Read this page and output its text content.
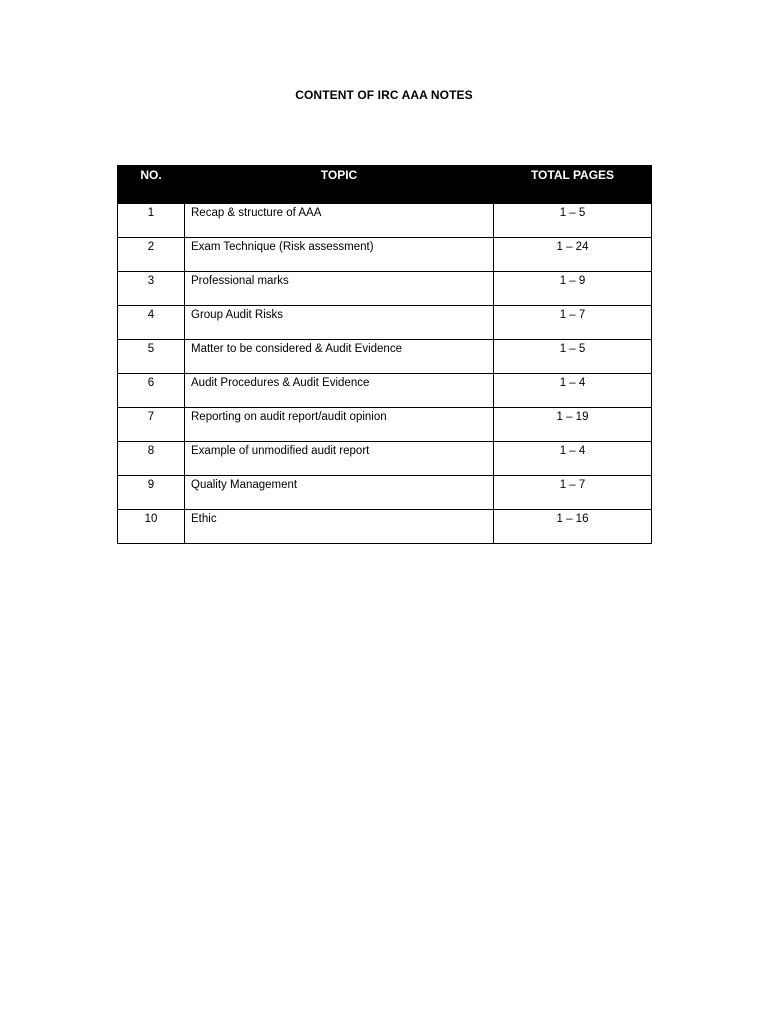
CONTENT OF IRC AAA NOTES
NO.	TOPIC	TOTAL PAGES
1	Recap & structure of AAA	1 – 5
2	Exam Technique (Risk assessment)	1 – 24
3	Professional marks	1 – 9
4	Group Audit Risks	1 – 7
5	Matter to be considered & Audit Evidence	1 – 5
6	Audit Procedures & Audit Evidence	1 – 4
7	Reporting on audit report/audit opinion	1 – 19
8	Example of unmodified audit report	1 – 4
9	Quality Management	1 – 7
10	Ethic	1 – 16
